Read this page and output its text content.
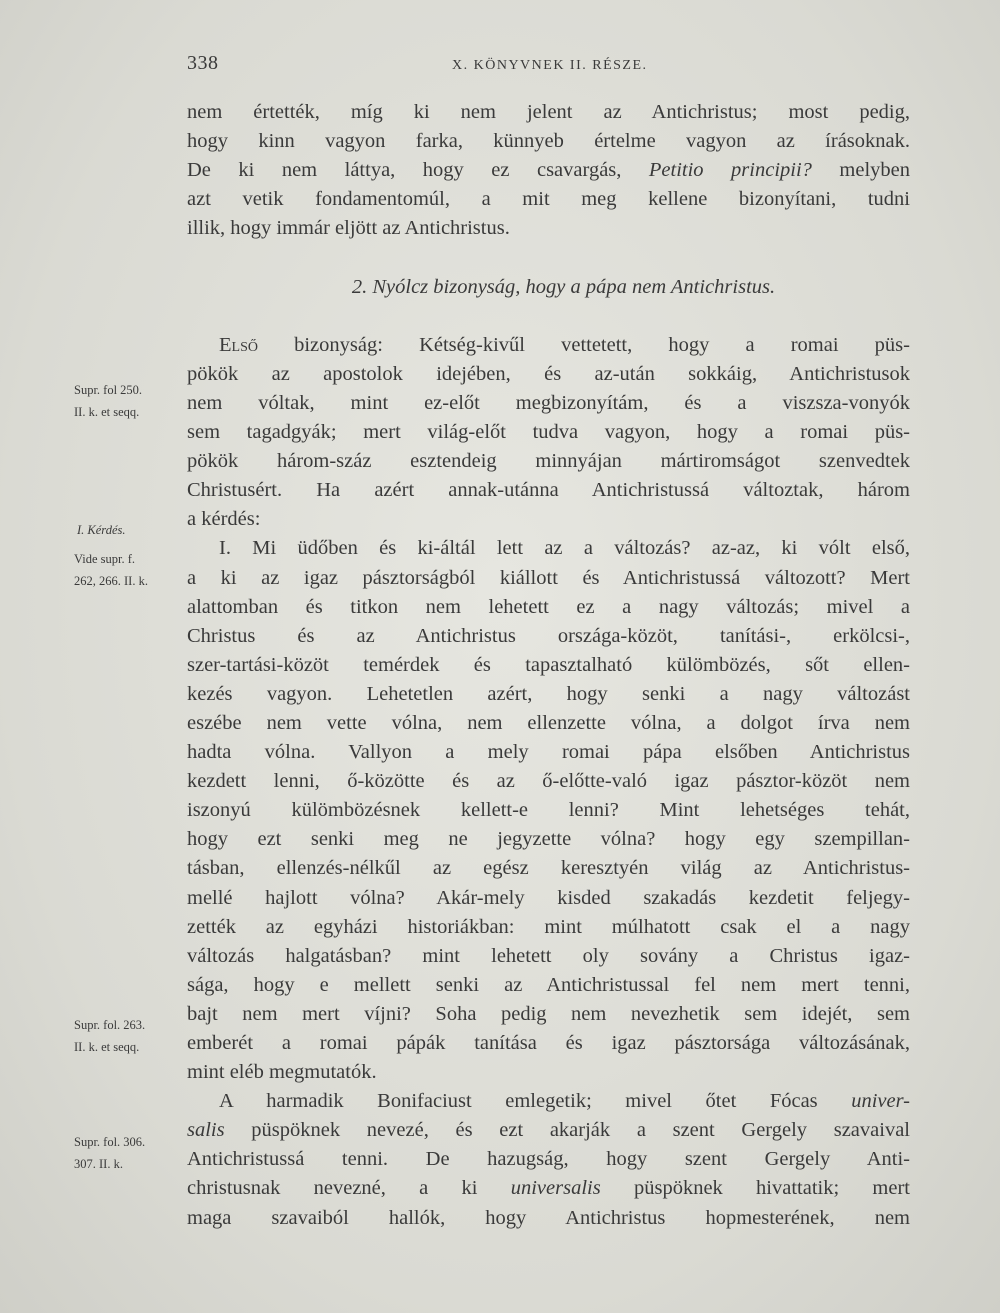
338	X. KÖNYVNEK II. RÉSZE.
Supr. fol 250.
II. k. et seqq.
I. Kérdés.
Vide supr. f.
262, 266. II. k.
Supr. fol. 263.
II. k. et seqq.
Supr. fol. 306.
307. II. k.
nem értették, míg ki nem jelent az Antichristus; most pedig,
hogy kinn vagyon farka, künnyeb értelme vagyon az írásoknak.
De ki nem láttya, hogy ez csavargás, Petitio principii? melyben
azt vetik fondamentomúl, a mit meg kellene bizonyítani, tudni
illik, hogy immár eljött az Antichristus.
2. Nyólcz bizonyság, hogy a pápa nem Antichristus.
Első bizonyság: Kétség-kivűl vettetett, hogy a romai püs-
pökök az apostolok idejében, és az-után sokkáig, Antichristusok
nem vóltak, mint ez-előt megbizonyítám, és a viszsza-vonyók
sem tagadgyák; mert világ-előt tudva vagyon, hogy a romai püs-
pökök három-száz esztendeig minnyájan mártiromságot szenvedtek
Christusért. Ha azért annak-utánna Antichristussá változtak, három
a kérdés:
I. Mi üdőben és ki-áltál lett az a változás? az-az, ki vólt első,
a ki az igaz pásztorságból kiállott és Antichristussá változott? Mert
alattomban és titkon nem lehetett ez a nagy változás; mivel a
Christus és az Antichristus országa-közöt, tanítási-, erkölcsi-,
szer-tartási-közöt temérdek és tapasztalható külömbözés, sőt ellen-
kezés vagyon. Lehetetlen azért, hogy senki a nagy változást
eszébe nem vette vólna, nem ellenzette vólna, a dolgot írva nem
hadta vólna. Vallyon a mely romai pápa elsőben Antichristus
kezdett lenni, ő-közötte és az ő-előtte-való igaz pásztor-közöt nem
iszonyú külömbözésnek kellett-e lenni? Mint lehetséges tehát,
hogy ezt senki meg ne jegyzette vólna? hogy egy szempillan-
tásban, ellenzés-nélkűl az egész keresztyén világ az Antichristus-
mellé hajlott vólna? Akár-mely kisded szakadás kezdetit feljegy-
zették az egyházi historiákban: mint múlhatott csak el a nagy
változás halgatásban? mint lehetett oly sovány a Christus igaz-
sága, hogy e mellett senki az Antichristussal fel nem mert tenni,
bajt nem mert víjni? Soha pedig nem nevezhetik sem idejét, sem
emberét a romai pápák tanítása és igaz pásztorsága változásának,
mint eléb megmutatók.
A harmadik Bonifaciust emlegetik; mivel őtet Fócas univer-
salis püspöknek nevezé, és ezt akarják a szent Gergely szavaival
Antichristussá tenni. De hazugság, hogy szent Gergely Anti-
christusnak nevezné, a ki universalis püspöknek hivattatik; mert
maga szavaiból hallók, hogy Antichristus hopmesterének, nem
